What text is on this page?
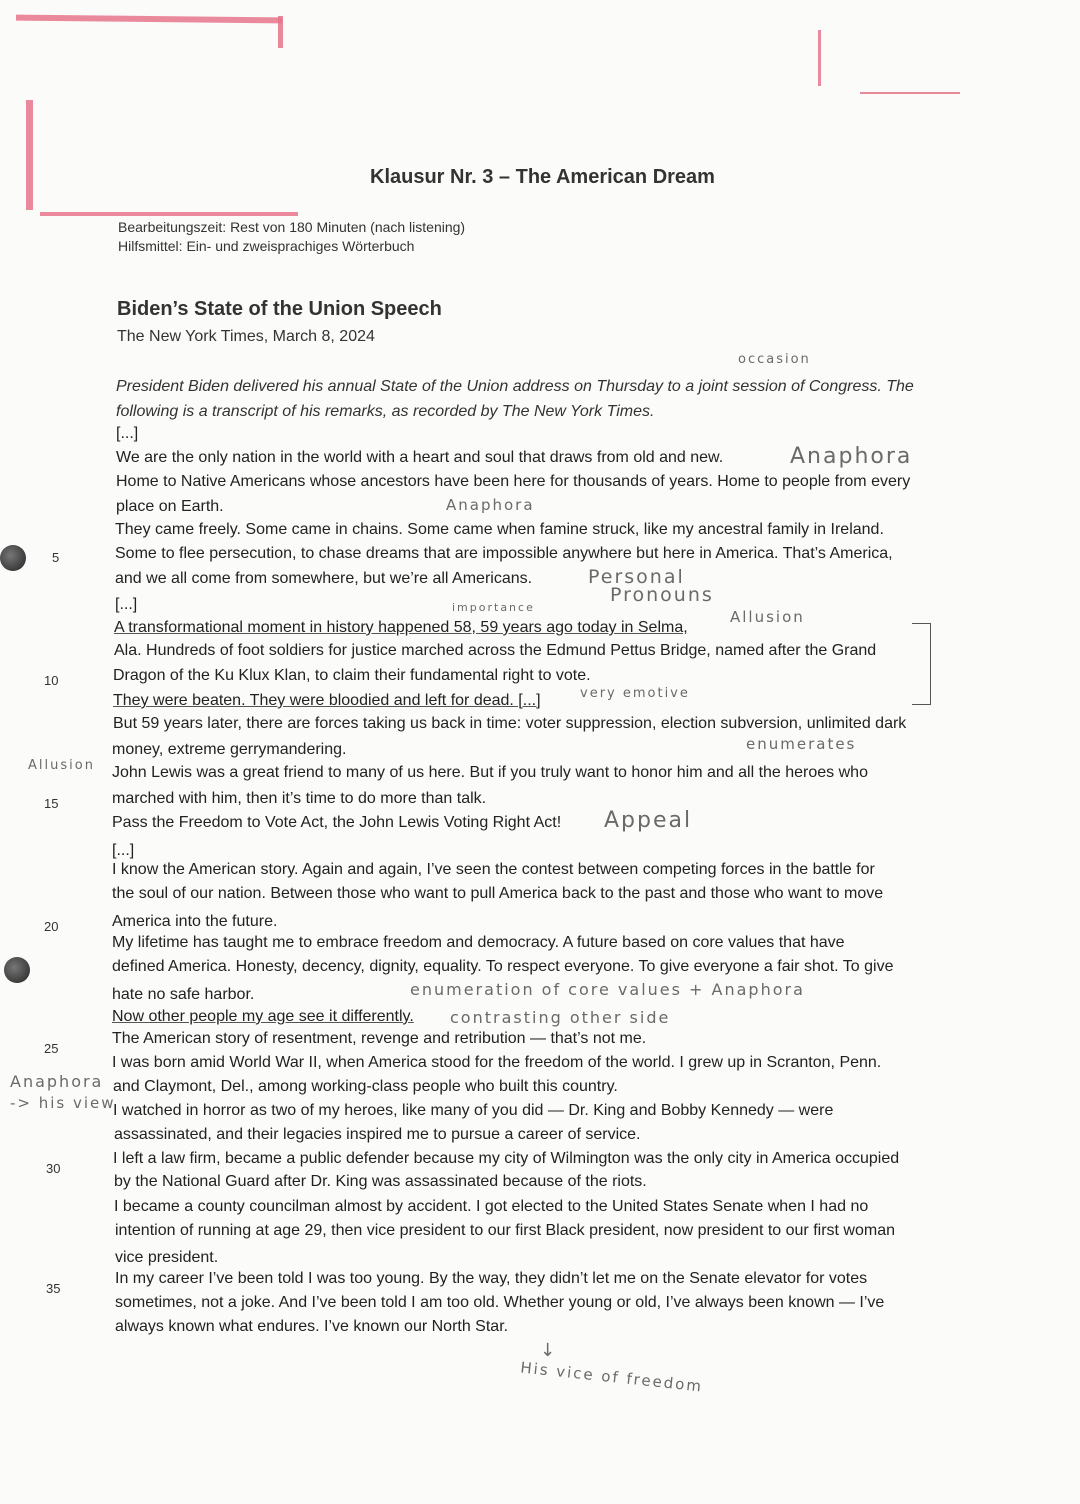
Klausur Nr. 3 – The American Dream
Bearbeitungszeit: Rest von 180 Minuten (nach listening)
Hilfsmittel: Ein- und zweisprachiges Wörterbuch
Biden’s State of the Union Speech
The New York Times, March 8, 2024
President Biden delivered his annual State of the Union address on Thursday to a joint session of Congress. The following is a transcript of his remarks, as recorded by The New York Times.
[...]
We are the only nation in the world with a heart and soul that draws from old and new.
Home to Native Americans whose ancestors have been here for thousands of years. Home to people from every
place on Earth.
They came freely. Some came in chains. Some came when famine struck, like my ancestral family in Ireland.
Some to flee persecution, to chase dreams that are impossible anywhere but here in America. That’s America,
and we all come from somewhere, but we’re all Americans.
[...]
A transformational moment in history happened 58, 59 years ago today in Selma,
Ala. Hundreds of foot soldiers for justice marched across the Edmund Pettus Bridge, named after the Grand
Dragon of the Ku Klux Klan, to claim their fundamental right to vote.
They were beaten. They were bloodied and left for dead. [...]
But 59 years later, there are forces taking us back in time: voter suppression, election subversion, unlimited dark
money, extreme gerrymandering.
John Lewis was a great friend to many of us here. But if you truly want to honor him and all the heroes who
marched with him, then it’s time to do more than talk.
Pass the Freedom to Vote Act, the John Lewis Voting Right Act!
[...]
I know the American story. Again and again, I’ve seen the contest between competing forces in the battle for
the soul of our nation. Between those who want to pull America back to the past and those who want to move
America into the future.
My lifetime has taught me to embrace freedom and democracy. A future based on core values that have
defined America. Honesty, decency, dignity, equality. To respect everyone. To give everyone a fair shot. To give
hate no safe harbor.
Now other people my age see it differently.
The American story of resentment, revenge and retribution — that’s not me.
I was born amid World War II, when America stood for the freedom of the world. I grew up in Scranton, Penn.
and Claymont, Del., among working-class people who built this country.
I watched in horror as two of my heroes, like many of you did — Dr. King and Bobby Kennedy — were
assassinated, and their legacies inspired me to pursue a career of service.
I left a law firm, became a public defender because my city of Wilmington was the only city in America occupied
by the National Guard after Dr. King was assassinated because of the riots.
I became a county councilman almost by accident. I got elected to the United States Senate when I had no
intention of running at age 29, then vice president to our first Black president, now president to our first woman
vice president.
In my career I’ve been told I was too young. By the way, they didn’t let me on the Senate elevator for votes
sometimes, not a joke. And I’ve been told I am too old. Whether young or old, I’ve always been known — I’ve
always known what endures. I’ve known our North Star.
5
10
15
20
25
30
35
occasion
Anaphora
Anaphora
Personal
Pronouns
importance
Allusion
very emotive
enumerates
Allusion
Appeal
enumeration of core values + Anaphora
contrasting other side
Anaphora
-> his view
His vice of freedom
↓
